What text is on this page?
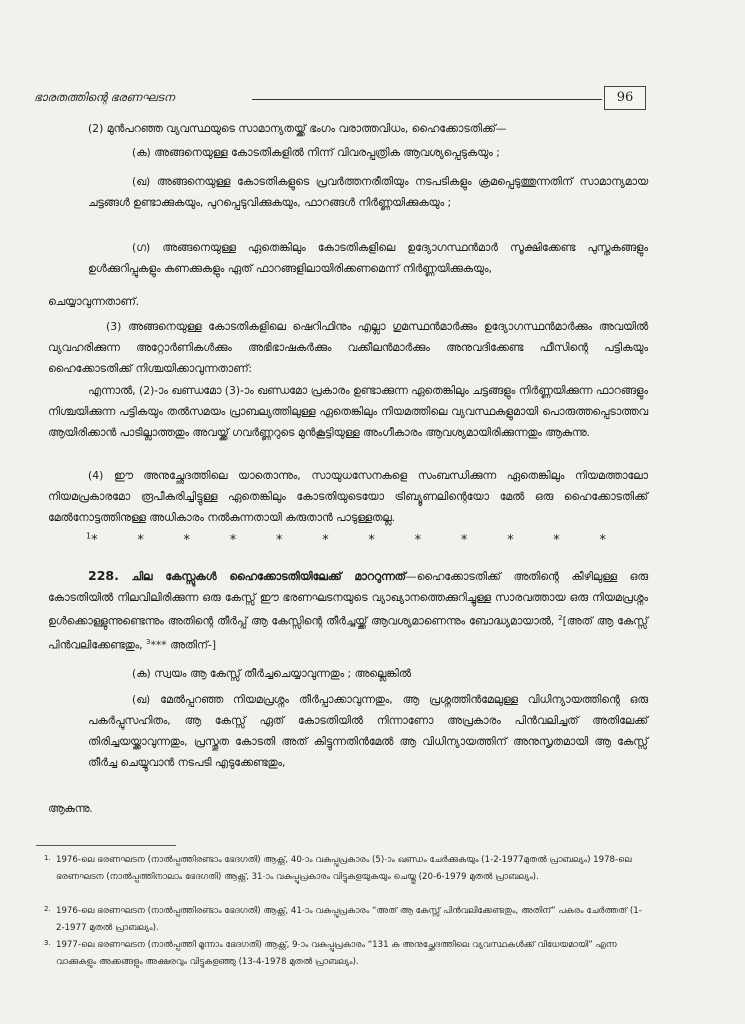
ഭാരതത്തിന്റെ ഭരണഘടന	96

(2) മുൻപറഞ്ഞ വ്യവസ്ഥയുടെ സാമാന്യതയ്ക്ക് ഭംഗം വരാത്തവിധം, ഹൈക്കോടതിക്ക്—

(ക) അങ്ങനെയുള്ള കോടതികളിൽ നിന്ന് വിവരപ്പത്രിക ആവശ്യപ്പെടുകയും ;

(ഖ) അങ്ങനെയുള്ള കോടതികളുടെ പ്രവർത്തനരീതിയും നടപടികളും ക്രമപ്പെടുത്തുന്നതിന് സാമാന്യമായ ചട്ടങ്ങൾ ഉണ്ടാക്കുകയും, പുറപ്പെടുവിക്കുകയും, ഫാറങ്ങൾ നിർണ്ണയിക്കുകയും ;

(ഗ) അങ്ങനെയുള്ള ഏതെങ്കിലും കോടതികളിലെ ഉദ്യോഗസ്ഥൻമാർ സൂക്ഷിക്കേണ്ട പുസ്തകങ്ങളും ഉൾക്കുറിപ്പുകളും കണക്കുകളും ഏത് ഫാറങ്ങളിലായിരിക്കണമെന്ന് നിർണ്ണയിക്കുകയും,

ചെയ്യാവുന്നതാണ്.

(3) അങ്ങനെയുള്ള കോടതികളിലെ ഷെറിഫിനും എല്ലാ ഗുമസ്ഥൻമാർക്കും ഉദ്യോഗസ്ഥൻമാർക്കും അവയിൽ വ്യവഹരിക്കുന്ന അറ്റോർണികൾക്കും അഭിഭാഷകർക്കും വക്കീലൻമാർക്കും അനുവദിക്കേണ്ട ഫീസിന്റെ പട്ടികയും ഹൈക്കോടതിക്ക് നിശ്ചയിക്കാവുന്നതാണ്:

എന്നാൽ, (2)-ാം ഖണ്ഡമോ (3)-ാം ഖണ്ഡമോ പ്രകാരം ഉണ്ടാക്കുന്ന ഏതെങ്കിലും ചട്ടങ്ങളും നിർണ്ണയിക്കുന്ന ഫാറങ്ങളും നിശ്ചയിക്കുന്ന പട്ടികയും തൽസമയം പ്രാബല്യത്തിലുള്ള ഏതെങ്കിലും നിയമത്തിലെ വ്യവസ്ഥകളുമായി പൊരുത്തപ്പെടാത്തവ ആയിരിക്കാൻ പാടില്ലാത്തതും അവയ്ക്ക് ഗവർണ്ണറുടെ മുൻകൂട്ടിയുള്ള അംഗീകാരം ആവശ്യമായിരിക്കുന്നതും ആകുന്നു.

(4) ഈ അനുച്ഛേദത്തിലെ യാതൊന്നും, സായുധസേനകളെ സംബന്ധിക്കുന്ന ഏതെങ്കിലും നിയമത്താലോ നിയമപ്രകാരമോ രൂപീകരിച്ചിട്ടുള്ള ഏതെങ്കിലും കോടതിയുടെയോ ട്രിബ്യൂണലിന്റെയോ മേൽ ഒരു ഹൈക്കോടതിക്ക് മേൽനോട്ടത്തിനുള്ള അധികാരം നൽകുന്നതായി കരുതാൻ പാടുള്ളതല്ല.

$^1$*	*	*	*	*	*	*	*	*	*	*	*

228. ചില കേസ്സുകൾ ഹൈക്കോടതിയിലേക്ക് മാററുന്നത്—ഹൈക്കോടതിക്ക് അതിന്റെ കീഴിലുള്ള ഒരു കോടതിയിൽ നിലവിലിരിക്കുന്ന ഒരു കേസ്സ് ഈ ഭരണഘടനയുടെ വ്യാഖ്യാനത്തെക്കുറിച്ചുള്ള സാരവത്തായ ഒരു നിയമപ്രശ്നം ഉൾക്കൊള്ളുന്നുണ്ടെന്നും അതിന്റെ തീർപ്പ് ആ കേസ്സിന്റെ തീർച്ചയ്ക്ക് ആവശ്യമാണെന്നും ബോദ്ധ്യമായാൽ, $^2$[അത് ആ കേസ്സ് പിൻവലിക്കേണ്ടതും, $^3$*** അതിന്-]

(ക) സ്വയം ആ കേസ്സ് തീർച്ചചെയ്യാവുന്നതും ; അല്ലെങ്കിൽ

(ഖ) മേൽപ്പറഞ്ഞ നിയമപ്രശ്നം തീർപ്പാക്കാവുന്നതും, ആ പ്രശ്നത്തിൻമേലുള്ള വിധിന്യായത്തിന്റെ ഒരു പകർപ്പുസഹിതം, ആ കേസ്സ് ഏത് കോടതിയിൽ നിന്നാണോ അപ്രകാരം പിൻവലിച്ചത് അതിലേക്ക് തിരിച്ചയയ്ക്കാവുന്നതും, പ്രസ്തുത കോടതി അത് കിട്ടുന്നതിൻമേൽ ആ വിധിന്യായത്തിന് അനുസൃതമായി ആ കേസ്സ് തീർച്ച ചെയ്യുവാൻ നടപടി എടുക്കേണ്ടതും,

ആകുന്നു.

1. 1976-ലെ ഭരണഘടന (നാൽപ്പത്തിരണ്ടാം ഭേദഗതി) ആക്റ്റ്, 40-ാം വകുപ്പുപ്രകാരം (5)-ാം ഖണ്ഡം ചേർക്കുകയും (1-2-1977മുതൽ പ്രാബല്യം) 1978-ലെ ഭരണഘടന (നാൽപ്പത്തിനാലാം ഭേദഗതി) ആക്റ്റ്, 31-ാം വകുപ്പുപ്രകാരം വിട്ടുകളയുകയും ചെയ്തു (20-6-1979 മുതൽ പ്രാബല്യം).

2. 1976-ലെ ഭരണഘടന (നാൽപ്പത്തിരണ്ടാം ഭേദഗതി) ആക്റ്റ്, 41-ാം വകുപ്പുപ്രകാരം “അത് ആ കേസ്സ് പിൻവലിക്കേണ്ടതും, അതിന്” പകരം ചേർത്തത് (1-2-1977 മുതൽ പ്രാബല്യം).

3. 1977-ലെ ഭരണഘടന (നാൽപ്പത്തി മൂന്നാം ഭേദഗതി) ആക്റ്റ്, 9-ാം വകുപ്പുപ്രകാരം “131 ക അനുച്ഛേദത്തിലെ വ്യവസ്ഥകൾക്ക് വിധേയമായി” എന്ന വാക്കുകളും അക്കങ്ങളും അക്ഷരവും വിട്ടുകളഞ്ഞു (13-4-1978 മുതൽ പ്രാബല്യം).
